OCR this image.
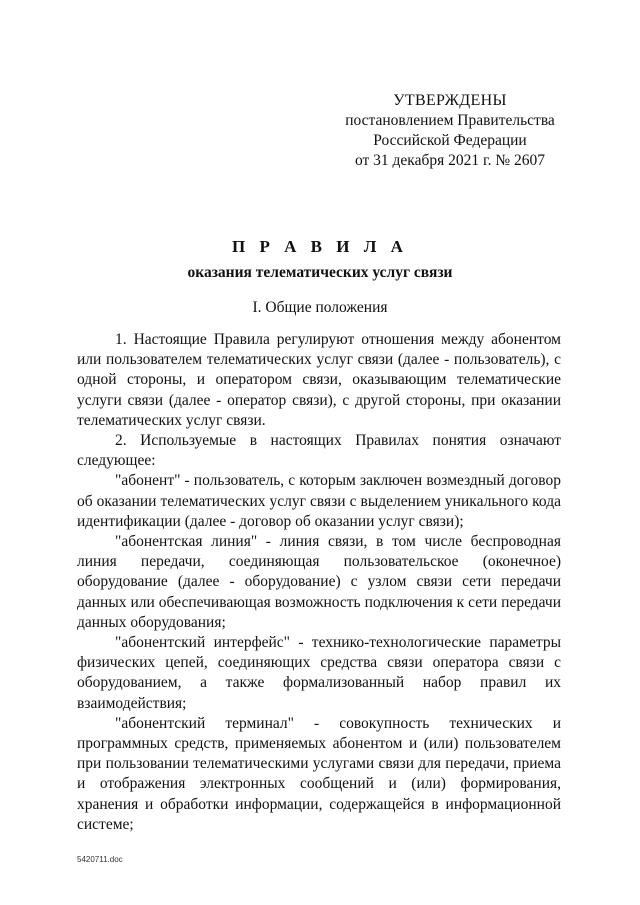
УТВЕРЖДЕНЫ
постановлением Правительства
Российской Федерации
от 31 декабря 2021 г. № 2607
П Р А В И Л А
оказания телематических услуг связи
I. Общие положения

1. Настоящие Правила регулируют отношения между абонентом или пользователем телематических услуг связи (далее - пользователь), с одной стороны, и оператором связи, оказывающим телематические услуги связи (далее - оператор связи), с другой стороны, при оказании телематических услуг связи.

2. Используемые в настоящих Правилах понятия означают следующее:

"абонент" - пользователь, с которым заключен возмездный договор об оказании телематических услуг связи с выделением уникального кода идентификации (далее - договор об оказании услуг связи);

"абонентская линия" - линия связи, в том числе беспроводная линия передачи, соединяющая пользовательское (оконечное) оборудование (далее - оборудование) с узлом связи сети передачи данных или обеспечивающая возможность подключения к сети передачи данных оборудования;

"абонентский интерфейс" - технико-технологические параметры физических цепей, соединяющих средства связи оператора связи с оборудованием, а также формализованный набор правил их взаимодействия;

"абонентский терминал" - совокупность технических и программных средств, применяемых абонентом и (или) пользователем при пользовании телематическими услугами связи для передачи, приема и отображения электронных сообщений и (или) формирования, хранения и обработки информации, содержащейся в информационной системе;

5420711.doc
